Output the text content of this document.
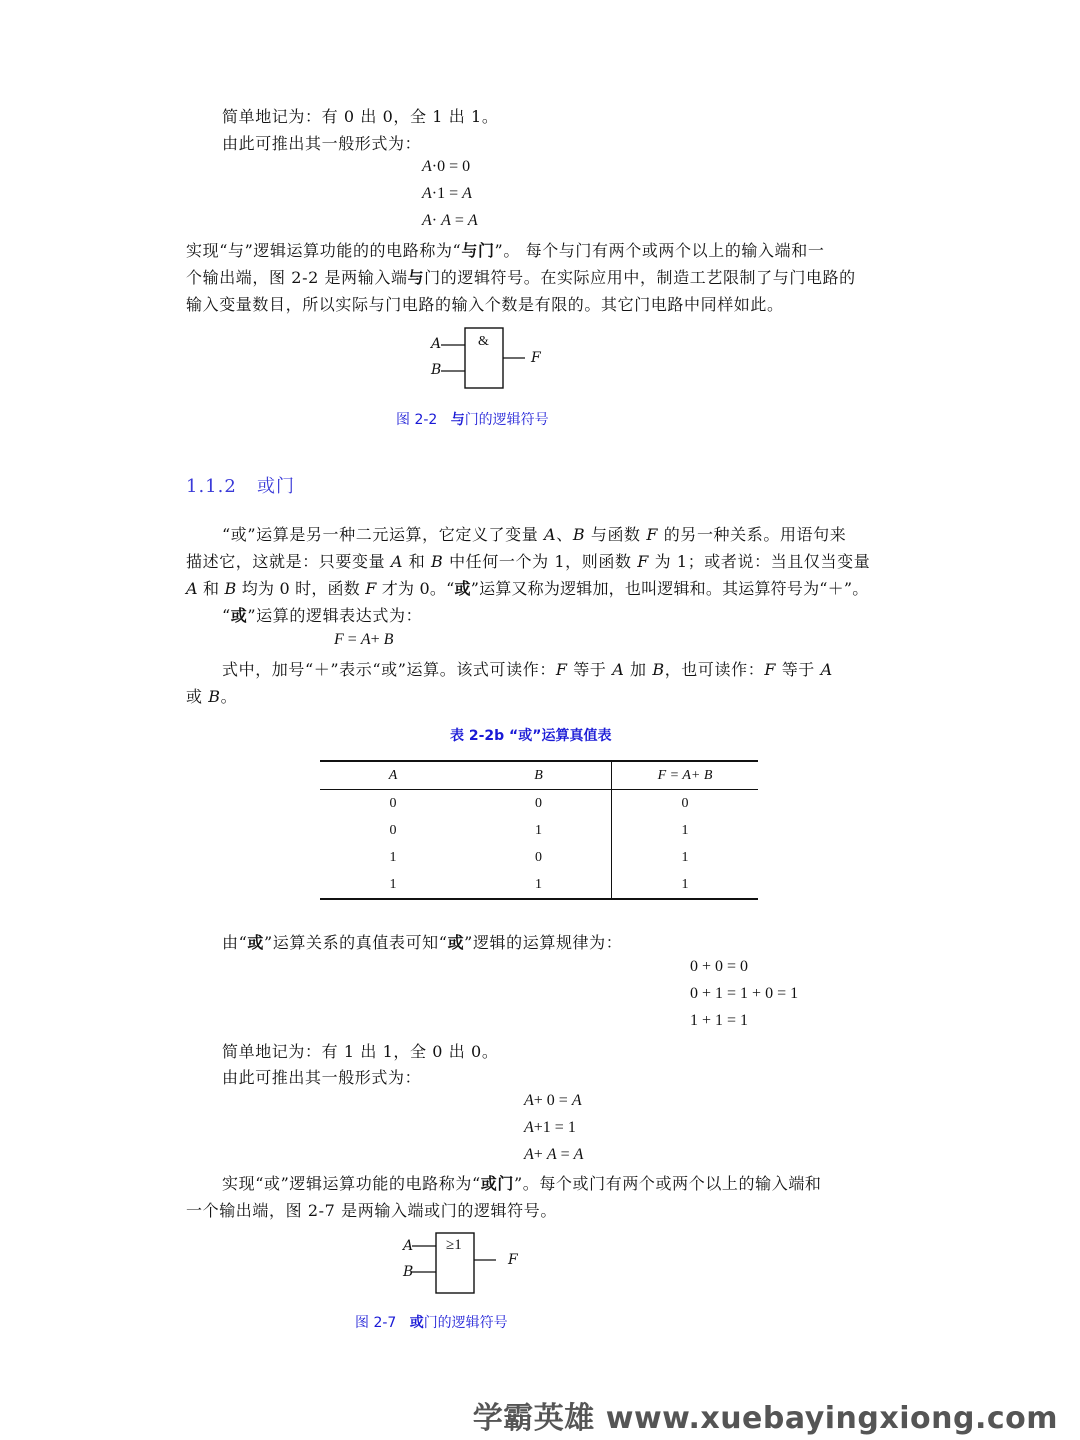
简单地记为：有 0 出 0，全 1 出 1。
由此可推出其一般形式为：
A·0 = 0
A·1 = A
A· A = A
实现“与”逻辑运算功能的的电路称为“与门”。 每个与门有两个或两个以上的输入端和一
个输出端，图 2-2 是两输入端与门的逻辑符号。在实际应用中，制造工艺限制了与门电路的
输入变量数目，所以实际与门电路的输入个数是有限的。其它门电路中同样如此。
&
A
B
F
图 2-2 与门的逻辑符号
1.1.2 或门
“或”运算是另一种二元运算，它定义了变量 A、B 与函数 F 的另一种关系。用语句来
描述它，这就是：只要变量 A 和 B 中任何一个为 1，则函数 F 为 1；或者说：当且仅当变量
A 和 B 均为 0 时，函数 F 才为 0。“或”运算又称为逻辑加，也叫逻辑和。其运算符号为“＋”。
“或”运算的逻辑表达式为：
F = A+ B
式中，加号“＋”表示“或”运算。该式可读作：F 等于 A 加 B，也可读作：F 等于 A
或 B。
表 2-2b “或”运算真值表
A	B	F = A+ B
0	0	0
0	1	1
1	0	1
1	1	1
由“或”运算关系的真值表可知“或”逻辑的运算规律为：
0 + 0 = 0
0 + 1 = 1 + 0 = 1
1 + 1 = 1
简单地记为：有 1 出 1，全 0 出 0。
由此可推出其一般形式为：
A+ 0 = A
A+1 = 1
A+ A = A
实现“或”逻辑运算功能的电路称为“或门”。每个或门有两个或两个以上的输入端和
一个输出端，图 2-7 是两输入端或门的逻辑符号。
≥1
A
B
F
图 2-7 或门的逻辑符号
学霸英雄 www.xuebayingxiong.com
